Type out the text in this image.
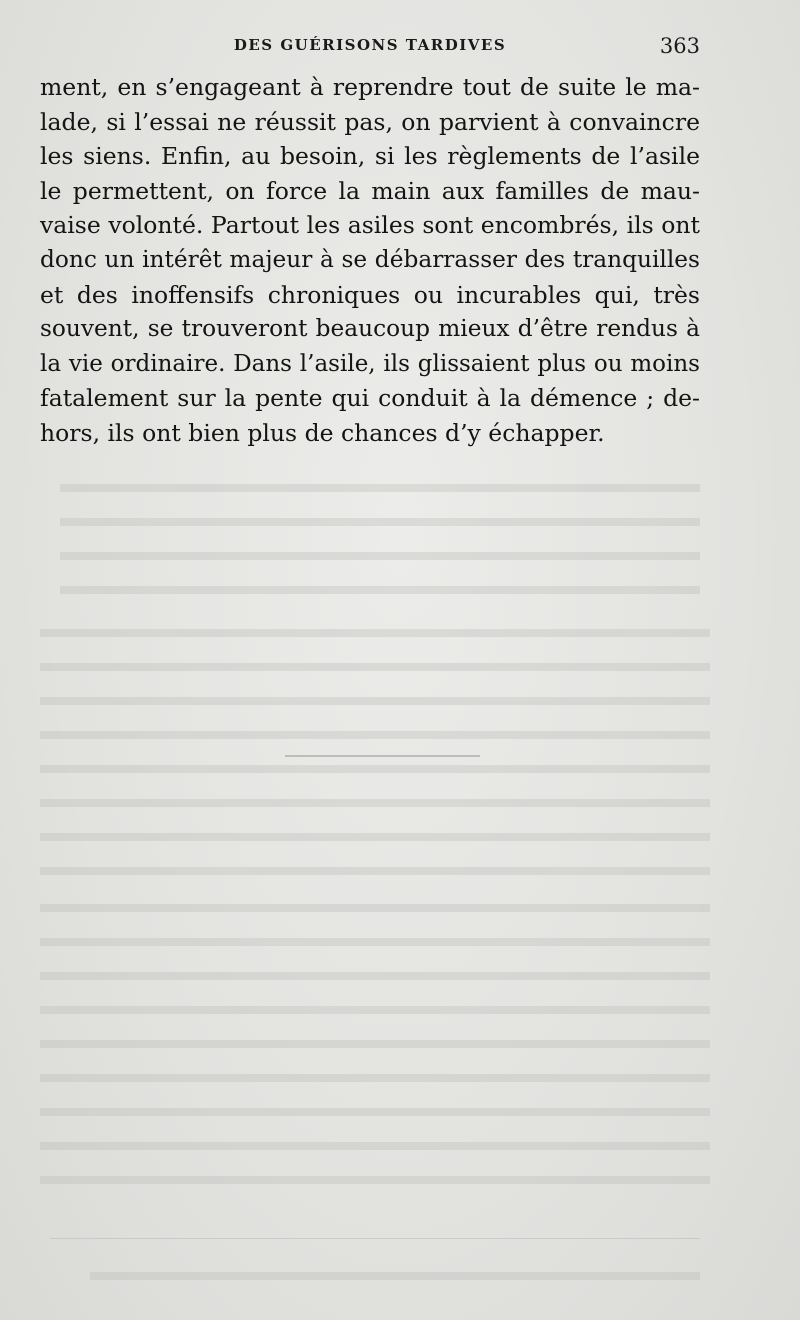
DES GUÉRISONS TARDIVES	363
ment, en s’engageant à reprendre tout de suite le ma-
lade, si l’essai ne réussit pas, on parvient à convaincre
les siens. Enfin, au besoin, si les règlements de l’asile
le permettent, on force la main aux familles de mau-
vaise volonté. Partout les asiles sont encombrés, ils ont
donc un intérêt majeur à se débarrasser des tranquilles
et des inoffensifs chroniques ou incurables qui, très
souvent, se trouveront beaucoup mieux d’être rendus à
la vie ordinaire. Dans l’asile, ils glissaient plus ou moins
fatalement sur la pente qui conduit à la démence ; de-
hors, ils ont bien plus de chances d’y échapper.
